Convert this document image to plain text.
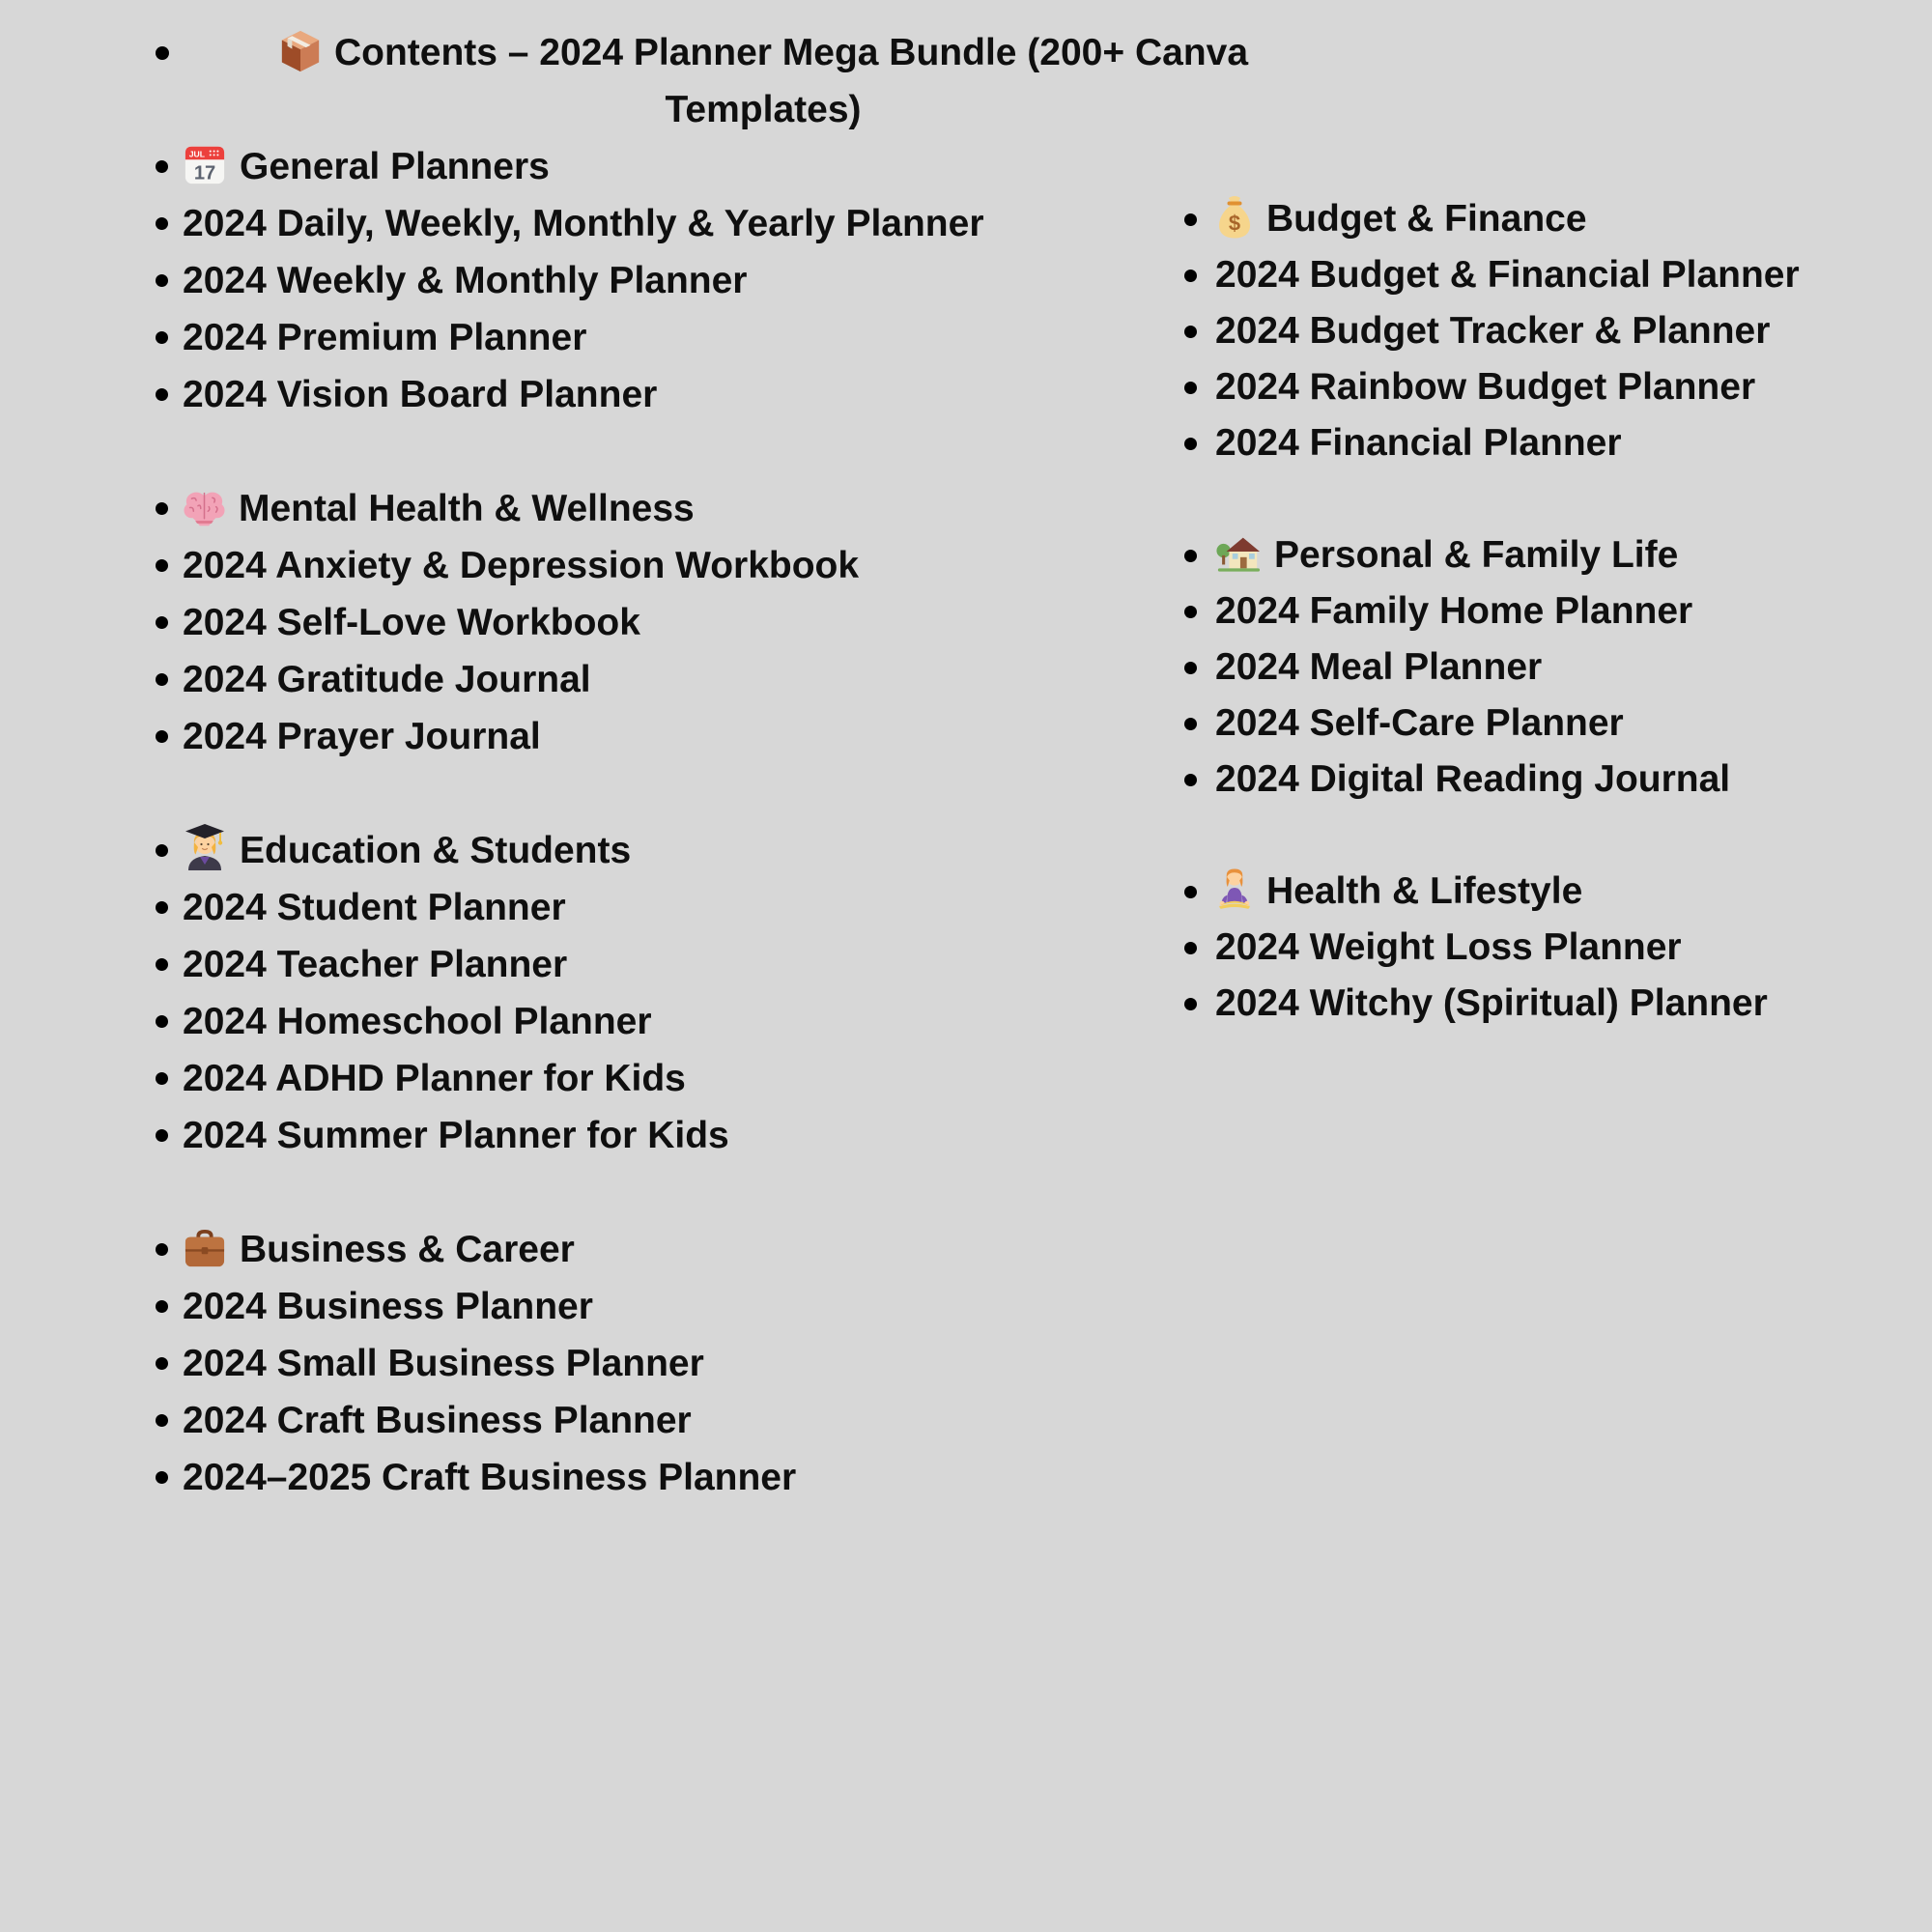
Contents – 2024 Planner Mega Bundle (200+ Canva Templates)
JUL
17 General Planners
2024 Daily, Weekly, Monthly & Yearly Planner
2024 Weekly & Monthly Planner
2024 Premium Planner
2024 Vision Board Planner
Mental Health & Wellness
2024 Anxiety & Depression Workbook
2024 Self-Love Workbook
2024 Gratitude Journal
2024 Prayer Journal
Education & Students
2024 Student Planner
2024 Teacher Planner
2024 Homeschool Planner
2024 ADHD Planner for Kids
2024 Summer Planner for Kids
Business & Career
2024 Business Planner
2024 Small Business Planner
2024 Craft Business Planner
2024–2025 Craft Business Planner
$ Budget & Finance
2024 Budget & Financial Planner
2024 Budget Tracker & Planner
2024 Rainbow Budget Planner
2024 Financial Planner
Personal & Family Life
2024 Family Home Planner
2024 Meal Planner
2024 Self-Care Planner
2024 Digital Reading Journal
Health & Lifestyle
2024 Weight Loss Planner
2024 Witchy (Spiritual) Planner
